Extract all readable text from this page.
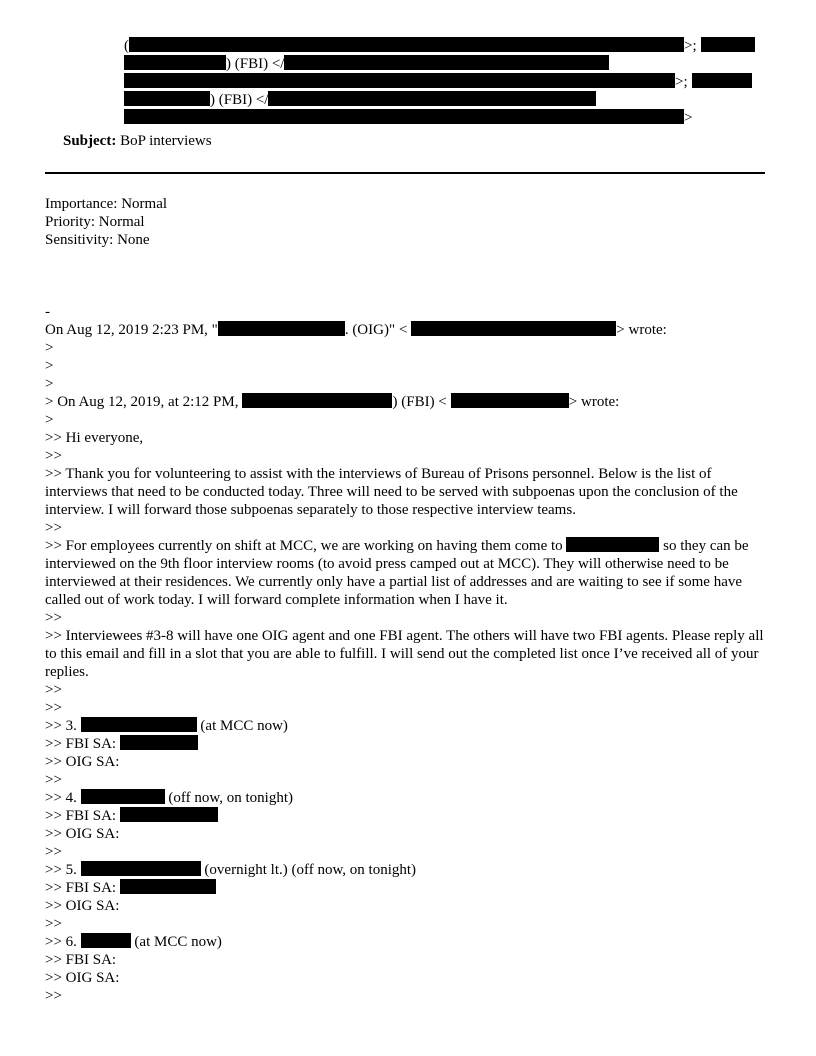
(	>;
) (FBI) </
>;
) (FBI) </
>
Subject: BoP interviews
Importance: Normal
Priority: Normal
Sensitivity: None
-
On Aug 12, 2019 2:23 PM, "	. (OIG)" <	> wrote:
>
>
>
> On Aug 12, 2019, at 2:12 PM,	) (FBI) <	> wrote:
>
>> Hi everyone,
>>
>> Thank you for volunteering to assist with the interviews of Bureau of Prisons personnel. Below is the list of interviews that need to be conducted today. Three will need to be served with subpoenas upon the conclusion of the interview. I will forward those subpoenas separately to those respective interview teams.
>>
>> For employees currently on shift at MCC, we are working on having them come to	so they can be interviewed on the 9th floor interview rooms (to avoid press camped out at MCC). They will otherwise need to be interviewed at their residences. We currently only have a partial list of addresses and are waiting to see if some have called out of work today. I will forward complete information when I have it.
>>
>> Interviewees #3-8 will have one OIG agent and one FBI agent. The others will have two FBI agents. Please reply all to this email and fill in a slot that you are able to fulfill. I will send out the completed list once I’ve received all of your replies.
>>
>>
>> 3.	(at MCC now)
>> FBI SA:
>> OIG SA:
>>
>> 4.	(off now, on tonight)
>> FBI SA:
>> OIG SA:
>>
>> 5.	(overnight lt.) (off now, on tonight)
>> FBI SA:
>> OIG SA:
>>
>> 6.	(at MCC now)
>> FBI SA:
>> OIG SA:
>>
